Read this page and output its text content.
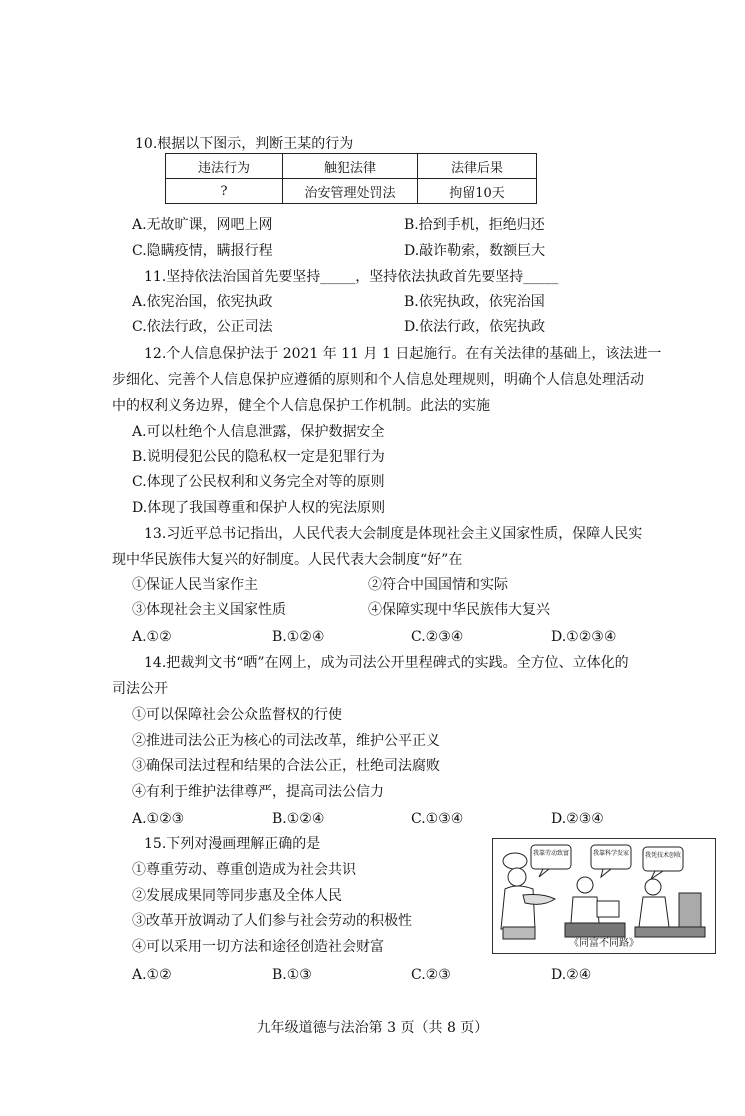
10.根据以下图示，判断王某的行为
违法行为	触犯法律	法律后果
?	治安管理处罚法	拘留10天
A.无故旷课，网吧上网	B.拾到手机，拒绝归还
C.隐瞒疫情，瞒报行程	D.敲诈勒索，数额巨大
11.坚持依法治国首先要坚持_____，坚持依法执政首先要坚持_____
A.依宪治国，依宪执政	B.依宪执政，依宪治国
C.依法行政，公正司法	D.依法行政，依宪执政
12.个人信息保护法于 2021 年 11 月 1 日起施行。在有关法律的基础上，该法进一
步细化、完善个人信息保护应遵循的原则和个人信息处理规则，明确个人信息处理活动
中的权利义务边界，健全个人信息保护工作机制。此法的实施
A.可以杜绝个人信息泄露，保护数据安全
B.说明侵犯公民的隐私权一定是犯罪行为
C.体现了公民权利和义务完全对等的原则
D.体现了我国尊重和保护人权的宪法原则
13.习近平总书记指出，人民代表大会制度是体现社会主义国家性质，保障人民实
现中华民族伟大复兴的好制度。人民代表大会制度“好”在
①保证人民当家作主	②符合中国国情和实际
③体现社会主义国家性质	④保障实现中华民族伟大复兴
A.①②	B.①②④	C.②③④	D.①②③④
14.把裁判文书“晒”在网上，成为司法公开里程碑式的实践。全方位、立体化的
司法公开
①可以保障社会公众监督权的行使
②推进司法公正为核心的司法改革，维护公平正义
③确保司法过程和结果的合法公正，杜绝司法腐败
④有利于维护法律尊严，提高司法公信力
A.①②③	B.①②④	C.①③④	D.②③④
15.下列对漫画理解正确的是
①尊重劳动、尊重创造成为社会共识
②发展成果同等同步惠及全体人民
③改革开放调动了人们参与社会劳动的积极性
④可以采用一切方法和途径创造社会财富
A.①②	B.①③	C.②③	D.②④
我靠劳动致富	我靠科学发家	我凭技术创收
《同富不同路》
九年级道德与法治第 3 页（共 8 页）
